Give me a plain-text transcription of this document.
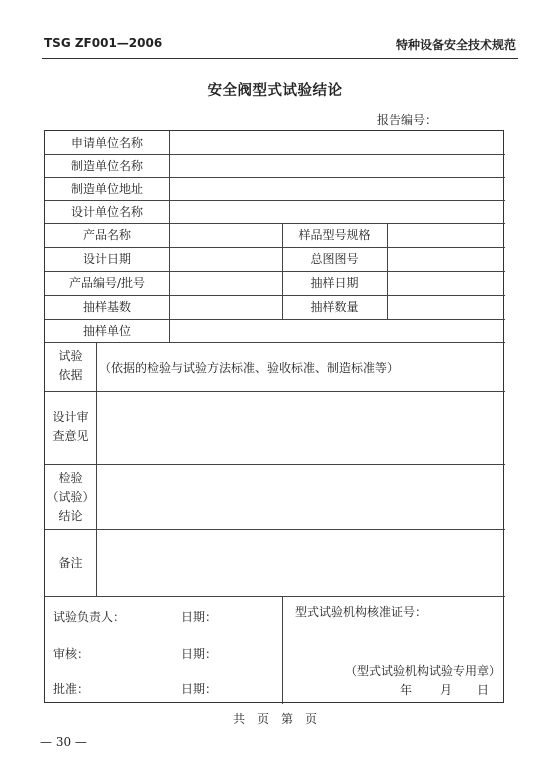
TSG ZF001—2006	特种设备安全技术规范
安全阀型式试验结论
报告编号：
申请单位名称
制造单位名称
制造单位地址
设计单位名称
产品名称	样品型号规格
设计日期	总图图号
产品编号/批号	抽样日期
抽样基数	抽样数量
抽样单位
试验
依据	（依据的检验与试验方法标准、验收标准、制造标准等）
设计审
查意见
检验
（试验）
结论
备注
试验负责人：	日期：
审核：	日期：
批准：	日期：
型式试验机构核准证号：
（型式试验机构试验专用章）
年 月 日
共　页　第　页
— 30 —
